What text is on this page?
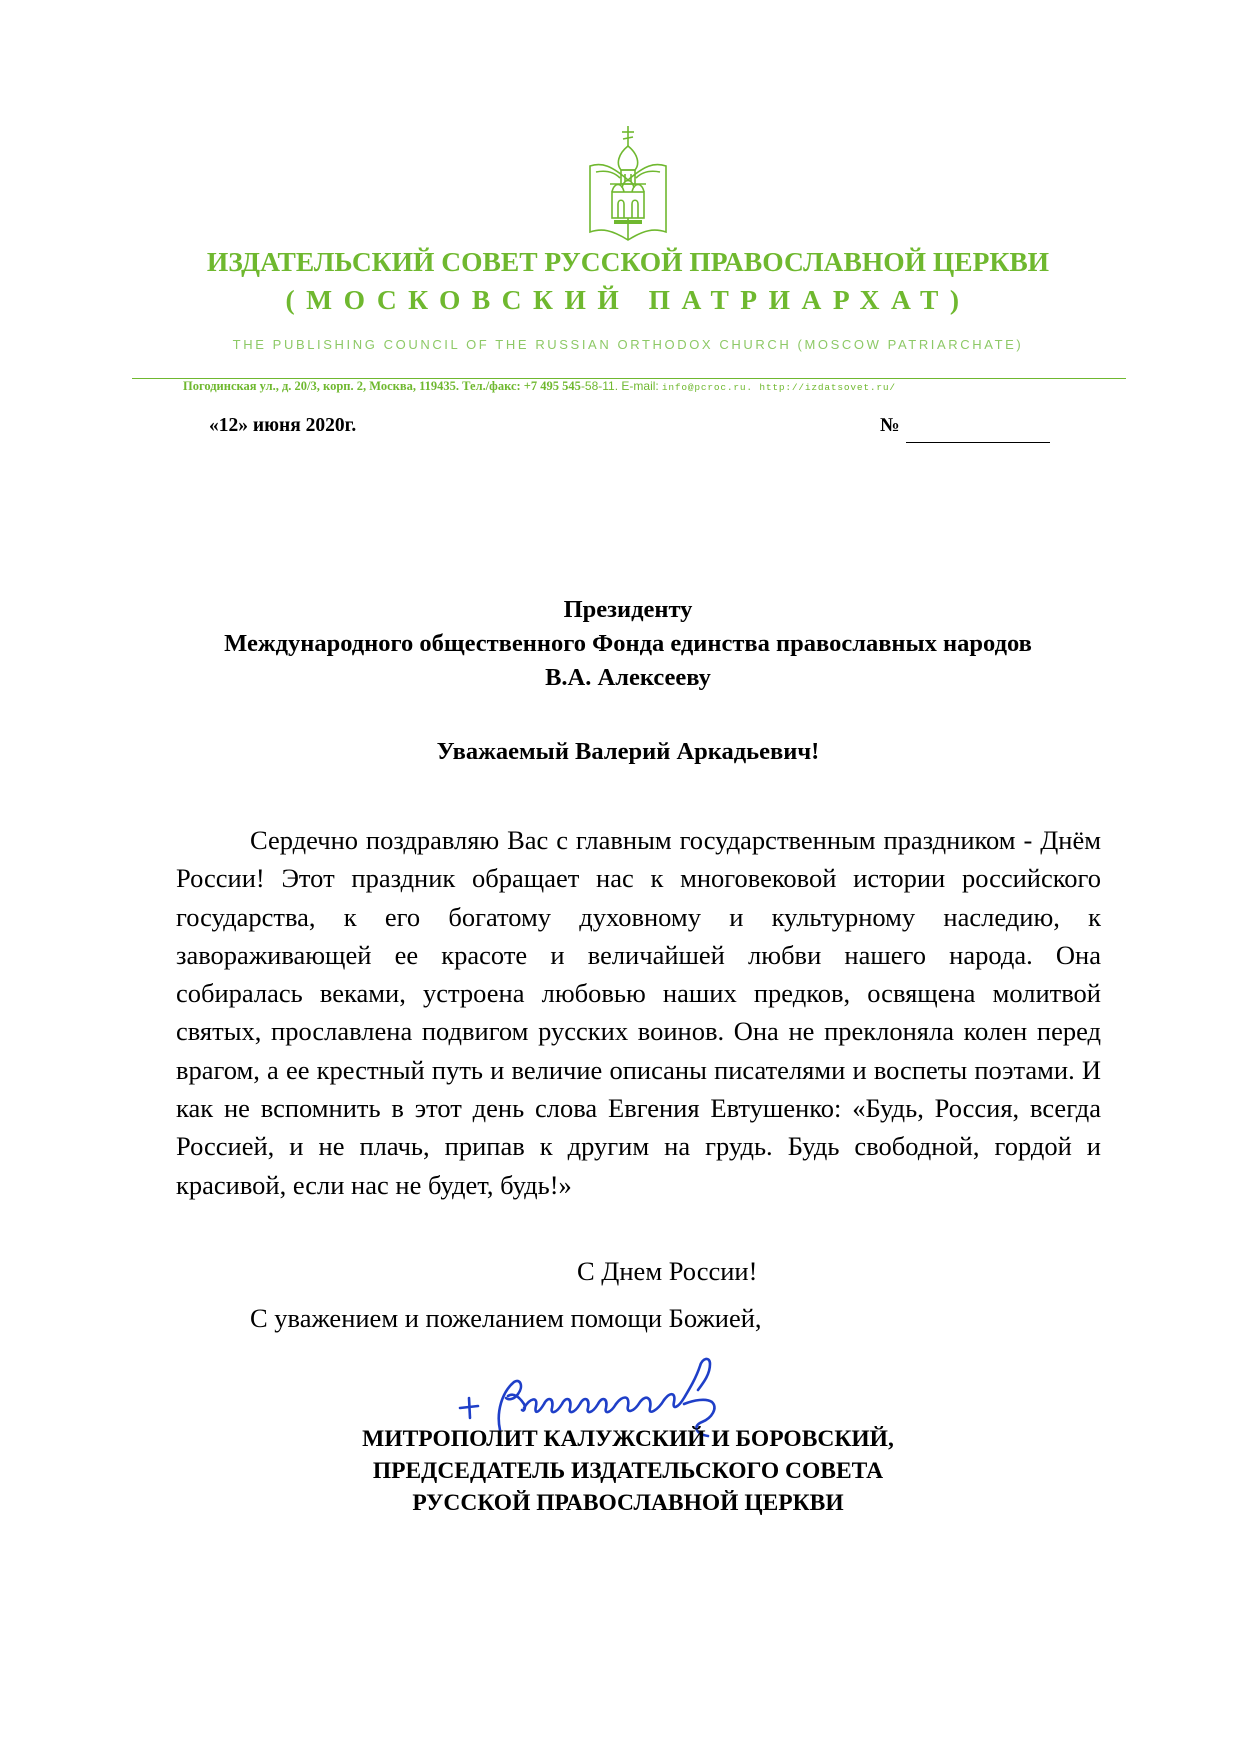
ИЗДАТЕЛЬСКИЙ СОВЕТ РУССКОЙ ПРАВОСЛАВНОЙ ЦЕРКВИ

(МОСКОВСКИЙ ПАТРИАРХАТ)

THE PUBLISHING COUNCIL OF THE RUSSIAN ORTHODOX CHURCH (MOSCOW PATRIARCHATE)

Погодинская ул., д. 20/3, корп. 2, Москва, 119435. Тел./факс: +7 495 545-58-11. E-mail: info@pcroc.ru. http://izdatsovet.ru/

«12» июня 2020г.	№

Президенту

Международного общественного Фонда единства православных народов

В.А. Алексееву

Уважаемый Валерий Аркадьевич!

Сердечно поздравляю Вас с главным государственным праздником - Днём России! Этот праздник обращает нас к многовековой истории российского государства, к его богатому духовному и культурному наследию, к завораживающей ее красоте и величайшей любви нашего народа. Она собиралась веками, устроена любовью наших предков, освящена молитвой святых, прославлена подвигом русских воинов. Она не преклоняла колен перед врагом, а ее крестный путь и величие описаны писателями и воспеты поэтами. И как не вспомнить в этот день слова Евгения Евтушенко: «Будь, Россия, всегда Россией, и не плачь, припав к другим на грудь. Будь свободной, гордой и красивой, если нас не будет, будь!»

С Днем России!

С уважением и пожеланием помощи Божией,

МИТРОПОЛИТ КАЛУЖСКИЙ И БОРОВСКИЙ,

ПРЕДСЕДАТЕЛЬ ИЗДАТЕЛЬСКОГО СОВЕТА

РУССКОЙ ПРАВОСЛАВНОЙ ЦЕРКВИ
